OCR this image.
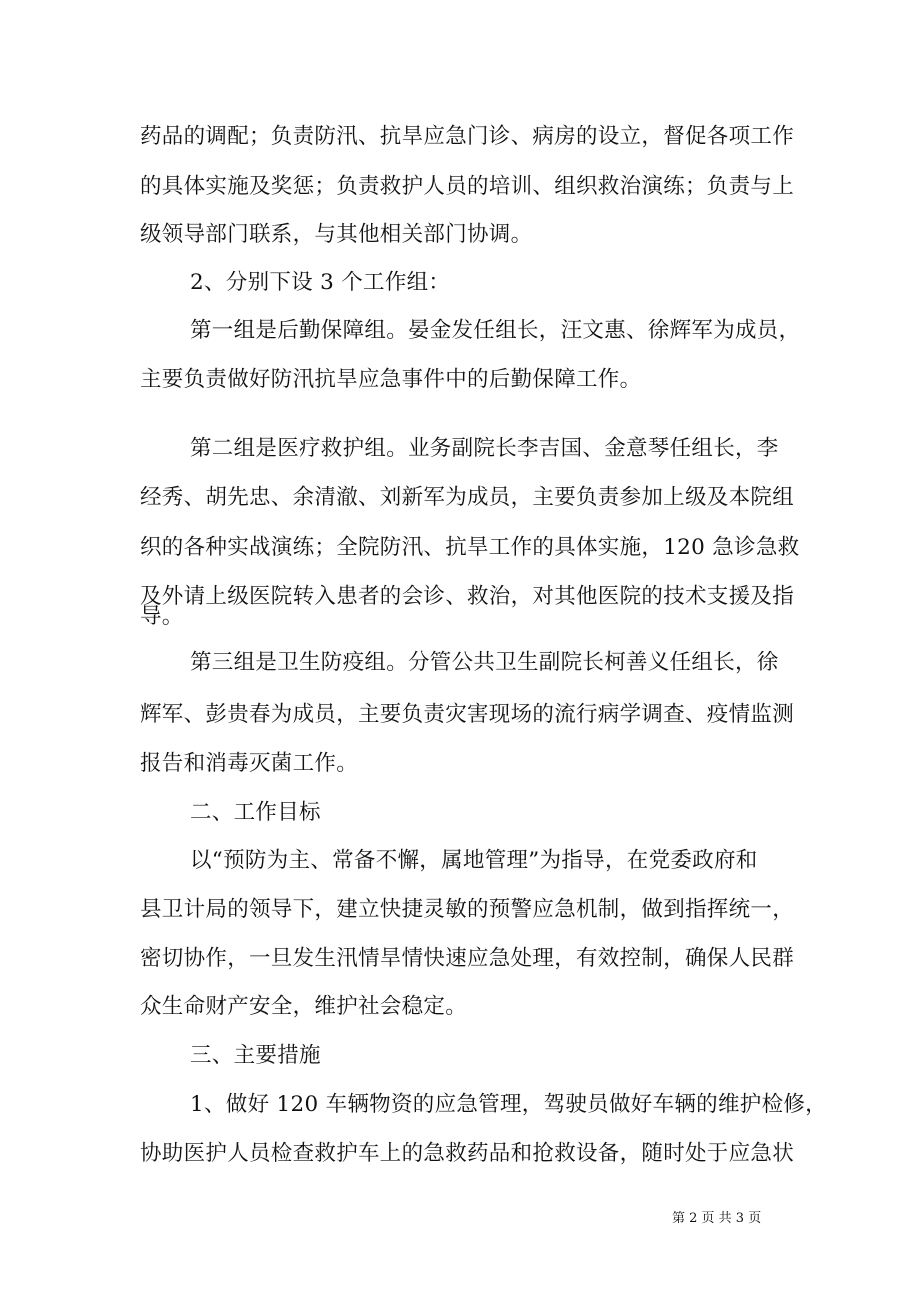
药品的调配；负责防汛、抗旱应急门诊、病房的设立，督促各项工作
的具体实施及奖惩；负责救护人员的培训、组织救治演练；负责与上
级领导部门联系，与其他相关部门协调。
2、分别下设 3 个工作组：
第一组是后勤保障组。晏金发任组长，汪文惠、徐辉军为成员，
主要负责做好防汛抗旱应急事件中的后勤保障工作。
第二组是医疗救护组。业务副院长李吉国、金意琴任组长，李
经秀、胡先忠、余清澈、刘新军为成员，主要负责参加上级及本院组
织的各种实战演练；全院防汛、抗旱工作的具体实施，120 急诊急救
及外请上级医院转入患者的会诊、救治，对其他医院的技术支援及指
导。
第三组是卫生防疫组。分管公共卫生副院长柯善义任组长，徐
辉军、彭贵春为成员，主要负责灾害现场的流行病学调查、疫情监测
报告和消毒灭菌工作。
二、工作目标
以“预防为主、常备不懈，属地管理”为指导，在党委政府和
县卫计局的领导下，建立快捷灵敏的预警应急机制，做到指挥统一，
密切协作，一旦发生汛情旱情快速应急处理，有效控制，确保人民群
众生命财产安全，维护社会稳定。
三、主要措施
1、做好 120 车辆物资的应急管理，驾驶员做好车辆的维护检修，
协助医护人员检查救护车上的急救药品和抢救设备，随时处于应急状
第 2 页 共 3 页
